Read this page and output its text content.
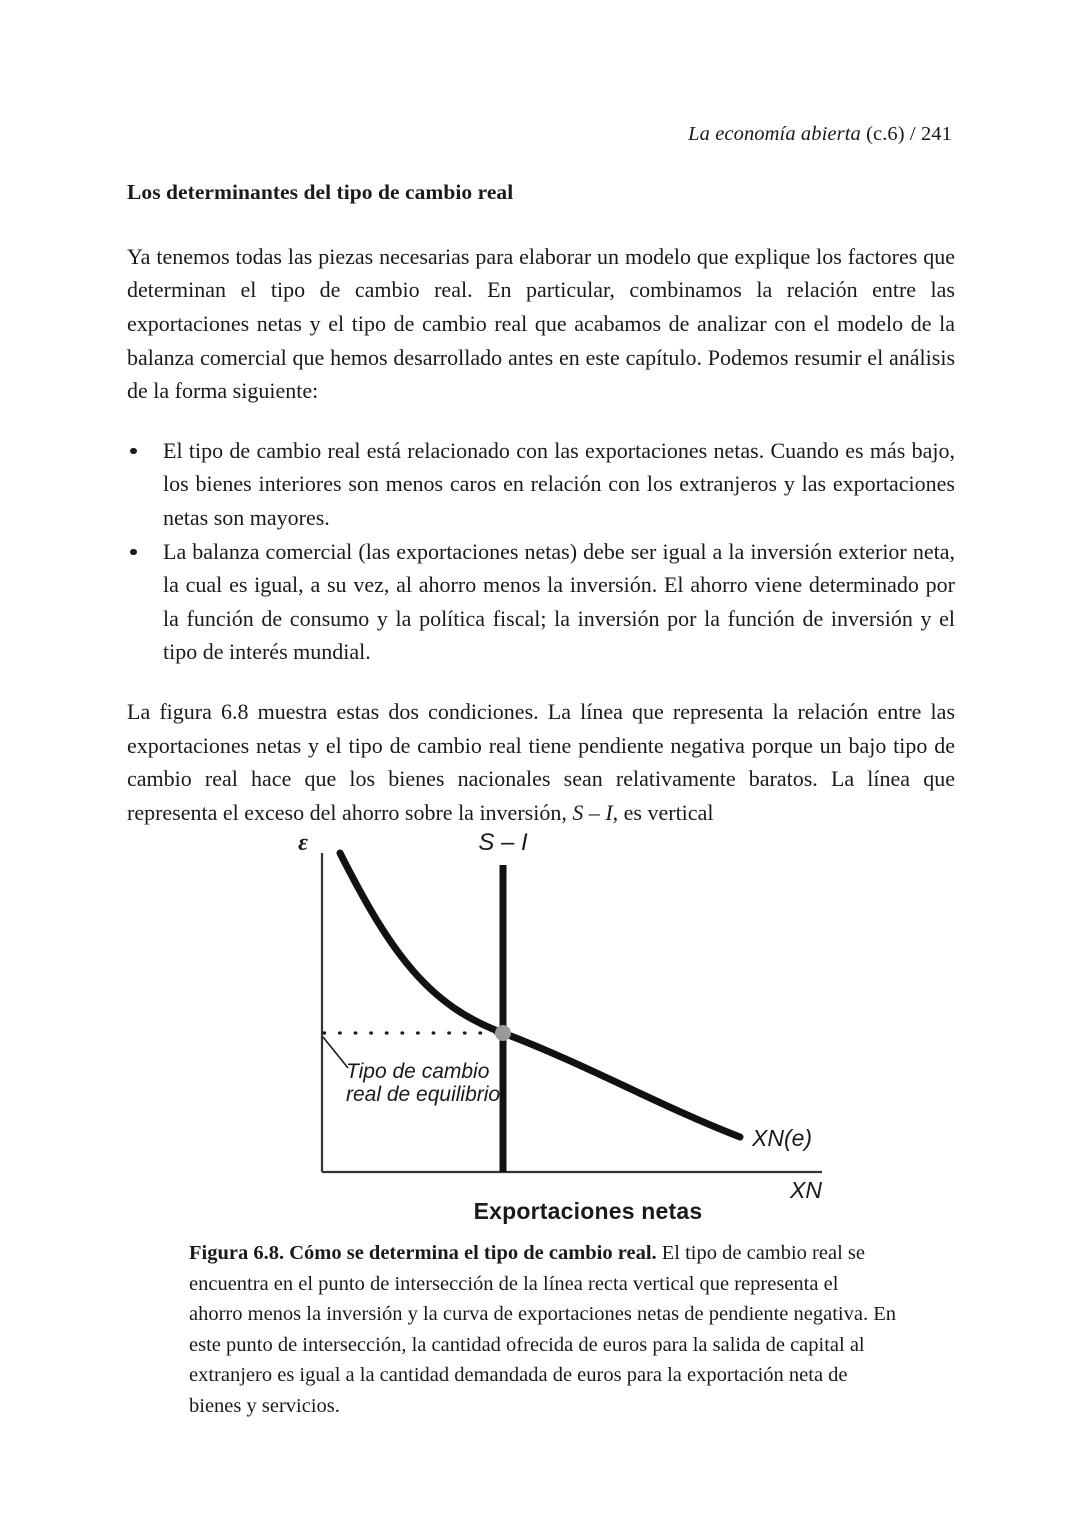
La economía abierta (c.6) / 241
Los determinantes del tipo de cambio real

Ya tenemos todas las piezas necesarias para elaborar un modelo que explique los factores que determinan el tipo de cambio real. En particular, combinamos la relación entre las exportaciones netas y el tipo de cambio real que acabamos de analizar con el modelo de la balanza comercial que hemos desarrollado antes en este capítulo. Podemos resumir el análisis de la forma siguiente:

El tipo de cambio real está relacionado con las exportaciones netas. Cuando es más bajo, los bienes interiores son menos caros en relación con los extranjeros y las exportaciones netas son mayores.
La balanza comercial (las exportaciones netas) debe ser igual a la inversión exterior neta, la cual es igual, a su vez, al ahorro menos la inversión. El ahorro viene determinado por la función de consumo y la política fiscal; la inversión por la función de inversión y el tipo de interés mundial.

La figura 6.8 muestra estas dos condiciones. La línea que representa la relación entre las exportaciones netas y el tipo de cambio real tiene pendiente negativa porque un bajo tipo de cambio real hace que los bienes nacionales sean relativamente baratos. La línea que representa el exceso del ahorro sobre la inversión, S – I, es vertical

ε	S – I
Tipo de cambio
real de equilibrio
XN(e)
XN
Exportaciones netas
Figura 6.8. Cómo se determina el tipo de cambio real. El tipo de cambio real se encuentra en el punto de intersección de la línea recta vertical que representa el ahorro menos la inversión y la curva de exportaciones netas de pendiente negativa. En este punto de intersección, la cantidad ofrecida de euros para la salida de capital al extranjero es igual a la cantidad demandada de euros para la exportación neta de bienes y servicios.
